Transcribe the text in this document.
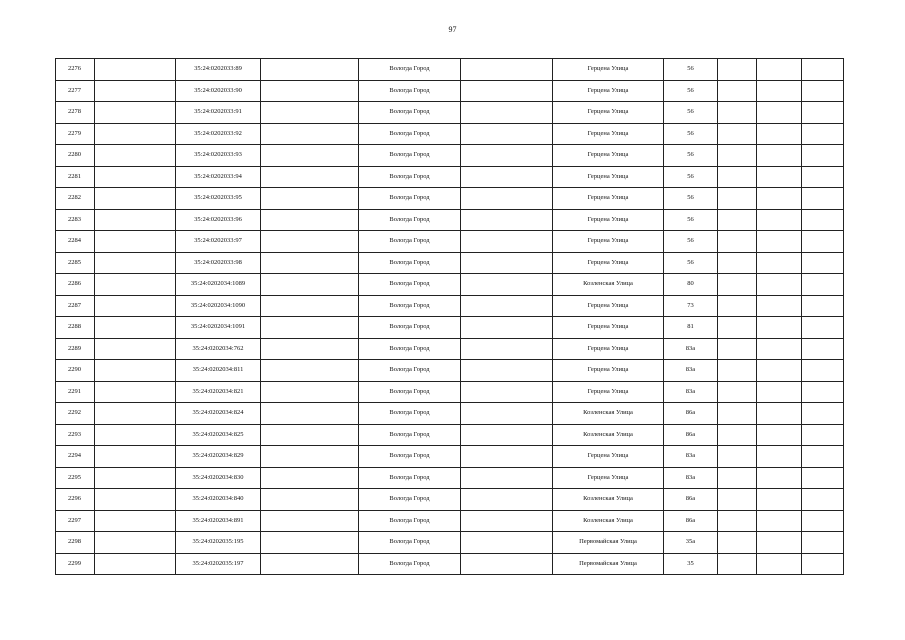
97
2276		35:24:0202033:89		Вологда Город		Герцена Улица	56			
2277		35:24:0202033:90		Вологда Город		Герцена Улица	56			
2278		35:24:0202033:91		Вологда Город		Герцена Улица	56			
2279		35:24:0202033:92		Вологда Город		Герцена Улица	56			
2280		35:24:0202033:93		Вологда Город		Герцена Улица	56			
2281		35:24:0202033:94		Вологда Город		Герцена Улица	56			
2282		35:24:0202033:95		Вологда Город		Герцена Улица	56			
2283		35:24:0202033:96		Вологда Город		Герцена Улица	56			
2284		35:24:0202033:97		Вологда Город		Герцена Улица	56			
2285		35:24:0202033:98		Вологда Город		Герцена Улица	56			
2286		35:24:0202034:1089		Вологда Город		Козленская Улица	80			
2287		35:24:0202034:1090		Вологда Город		Герцена Улица	73			
2288		35:24:0202034:1091		Вологда Город		Герцена Улица	81			
2289		35:24:0202034:762		Вологда Город		Герцена Улица	83а			
2290		35:24:0202034:811		Вологда Город		Герцена Улица	83а			
2291		35:24:0202034:821		Вологда Город		Герцена Улица	83а			
2292		35:24:0202034:824		Вологда Город		Козленская Улица	86а			
2293		35:24:0202034:825		Вологда Город		Козленская Улица	86а			
2294		35:24:0202034:829		Вологда Город		Герцена Улица	83а			
2295		35:24:0202034:830		Вологда Город		Герцена Улица	83а			
2296		35:24:0202034:840		Вологда Город		Козленская Улица	86а			
2297		35:24:0202034:891		Вологда Город		Козленская Улица	86а			
2298		35:24:0202035:195		Вологда Город		Первомайская Улица	35а			
2299		35:24:0202035:197		Вологда Город		Первомайская Улица	35			
